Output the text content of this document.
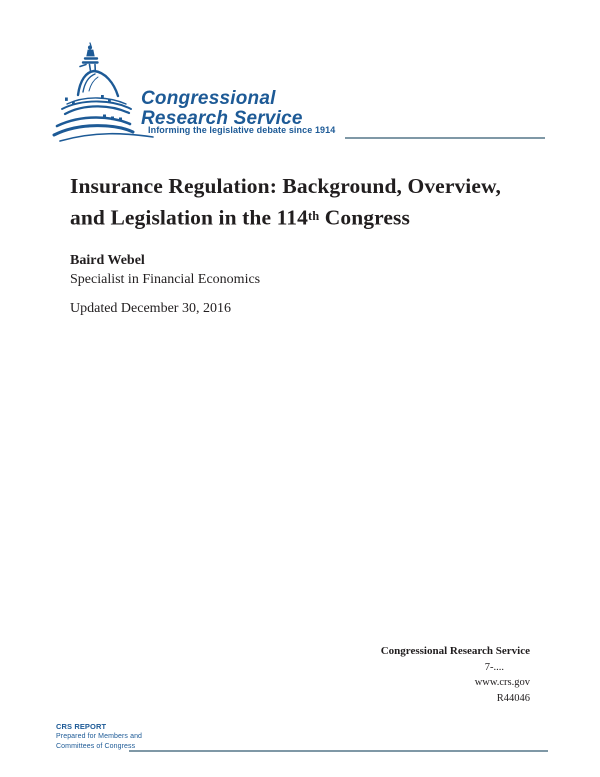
Congressional
Research Service
Informing the legislative debate since 1914
Insurance Regulation: Background, Overview,
and Legislation in the 114th Congress
Baird Webel
Specialist in Financial Economics
Updated December 30, 2016
Congressional Research Service
7-....
www.crs.gov
R44046
CRS REPORT
Prepared for Members and
Committees of Congress
